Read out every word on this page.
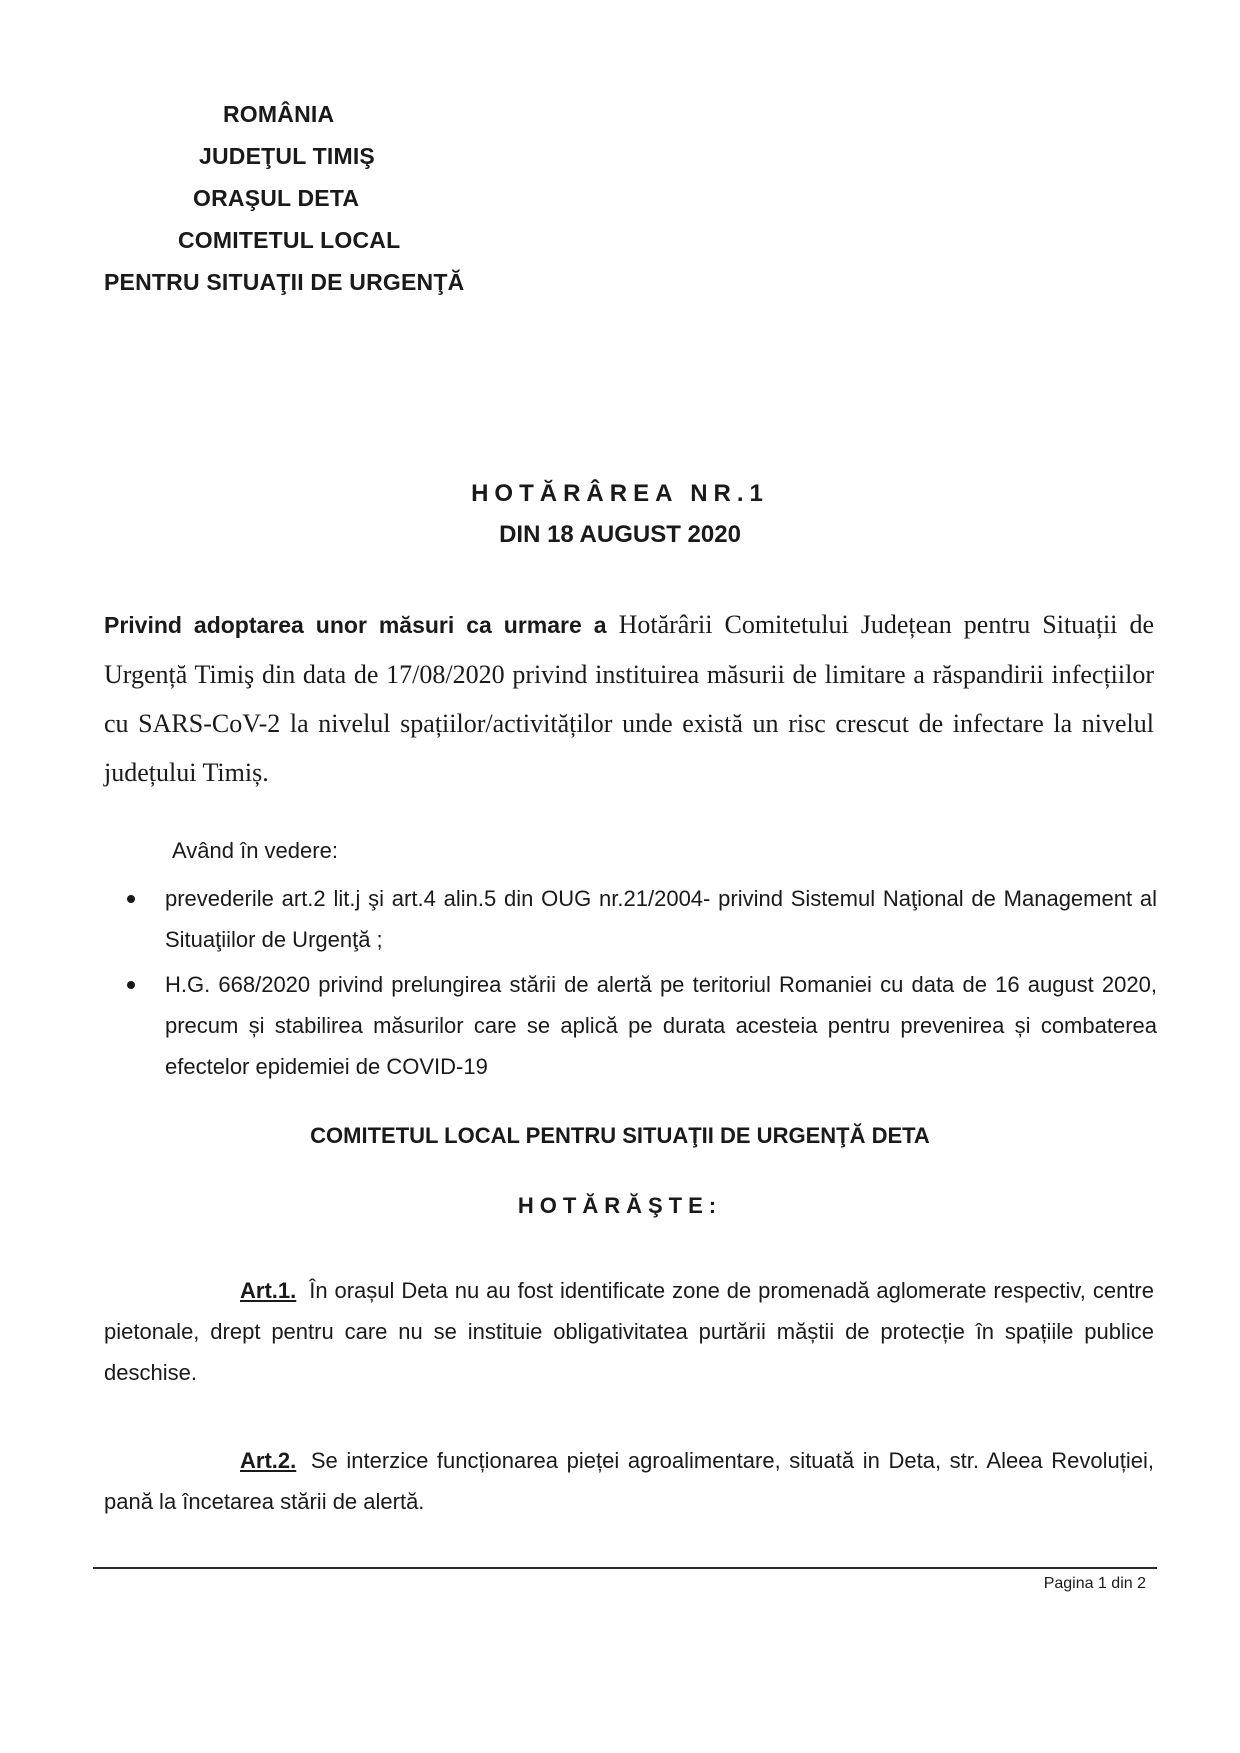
ROMÂNIA
JUDEŢUL TIMIŞ
ORAŞUL DETA
COMITETUL LOCAL
PENTRU SITUAŢII DE URGENŢĂ
HOTĂRÂREA NR.1
DIN 18 AUGUST 2020
Privind adoptarea unor măsuri ca urmare a Hotărârii Comitetului Județean pentru Situații de Urgență Timiş din data de 17/08/2020 privind instituirea măsurii de limitare a răspandirii infecțiilor cu SARS-CoV-2 la nivelul spațiilor/activităților unde există un risc crescut de infectare la nivelul județului Timiș.
Având în vedere:
prevederile art.2 lit.j şi art.4 alin.5 din OUG nr.21/2004- privind Sistemul Naţional de Management al Situaţiilor de Urgenţă ;
H.G. 668/2020 privind prelungirea stării de alertă pe teritoriul Romaniei cu data de 16 august 2020, precum și stabilirea măsurilor care se aplică pe durata acesteia pentru prevenirea și combaterea efectelor epidemiei de COVID-19
COMITETUL LOCAL PENTRU SITUAŢII DE URGENŢĂ DETA
HOTĂRĂŞTE:
Art.1. În orașul Deta nu au fost identificate zone de promenadă aglomerate respectiv, centre pietonale, drept pentru care nu se instituie obligativitatea purtării măștii de protecție în spațiile publice deschise.
Art.2. Se interzice funcționarea pieței agroalimentare, situată in Deta, str. Aleea Revoluției, pană la încetarea stării de alertă.
Pagina 1 din 2
